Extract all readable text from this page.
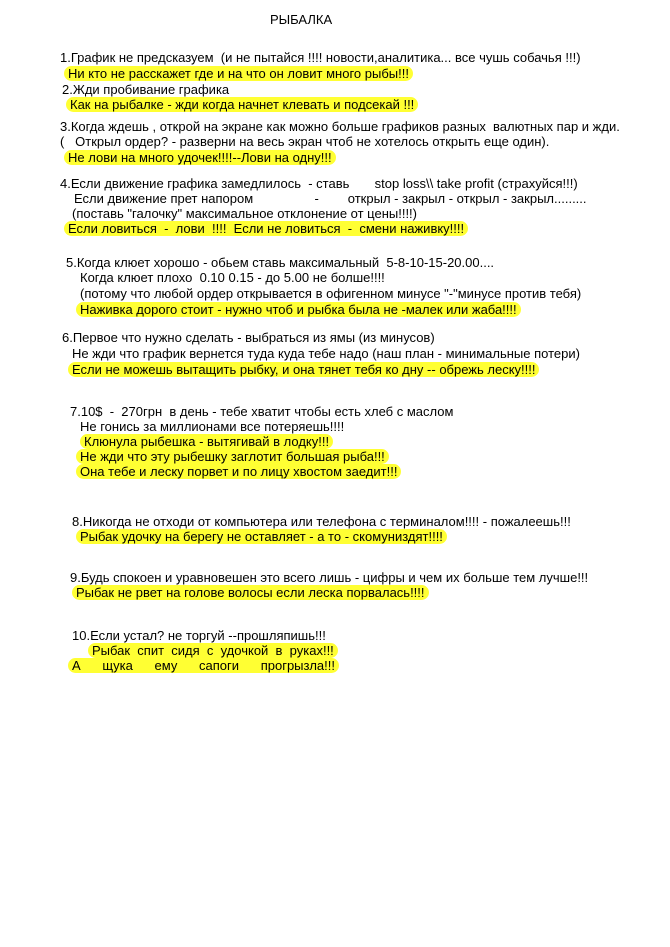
РЫБАЛКА
1.График не предсказуем  (и не пытайся !!!! новости,аналитика... все чушь собачья !!!)
Ни кто не расскажет где и на что он ловит много рыбы!!!
2.Жди пробивание графика
Как на рыбалке - жди когда начнет клевать и подсекай !!!
3.Когда ждешь , открой на экране как можно больше графиков разных  валютных пар и жди.
(   Открыл ордер? - разверни на весь экран чтоб не хотелось открыть еще один).
Не лови на много удочек!!!!--Лови на одну!!!
4.Если движение графика замедлилось  - ставь       stop loss\\ take profit (страхуйся!!!)
Если движение прет напором                 -        открыл - закрыл - открыл - закрыл.........
(поставь "галочку" максимальное отклонение от цены!!!!)
Если ловиться  -  лови  !!!!  Если не ловиться  -  смени наживку!!!!
5.Когда клюет хорошо - обьем ставь максимальный  5-8-10-15-20.00....
Когда клюет плохо  0.10 0.15 - до 5.00 не болше!!!!
(потому что любой ордер открывается в офигенном минусе "-"минусе против тебя)
Наживка дорого стоит - нужно чтоб и рыбка была не -малек или жаба!!!!
6.Первое что нужно сделать - выбраться из ямы (из минусов)
Не жди что график вернется туда куда тебе надо (наш план - минимальные потери)
Если не можешь вытащить рыбку, и она тянет тебя ко дну -- обрежь леску!!!!
7.10$  -  270грн  в день - тебе хватит чтобы есть хлеб с маслом
Не гонись за миллионами все потеряешь!!!!
Клюнула рыбешка - вытягивай в лодку!!!
Не жди что эту рыбешку заглотит большая рыба!!!
Она тебе и леску порвет и по лицу хвостом заедит!!!
8.Никогда не отходи от компьютера или телефона с терминалом!!!! - пожалеешь!!!
Рыбак удочку на берегу не оставляет - а то - скомуниздят!!!!
9.Будь спокоен и уравновешен это всего лишь - цифры и чем их больше тем лучше!!!
Рыбак не рвет на голове волосы если леска порвалась!!!!
10.Если устал? не торгуй --прошляпишь!!!
Рыбак  спит  сидя  с  удочкой  в  руках!!!
А      щука      ему      сапоги      прогрызла!!!
